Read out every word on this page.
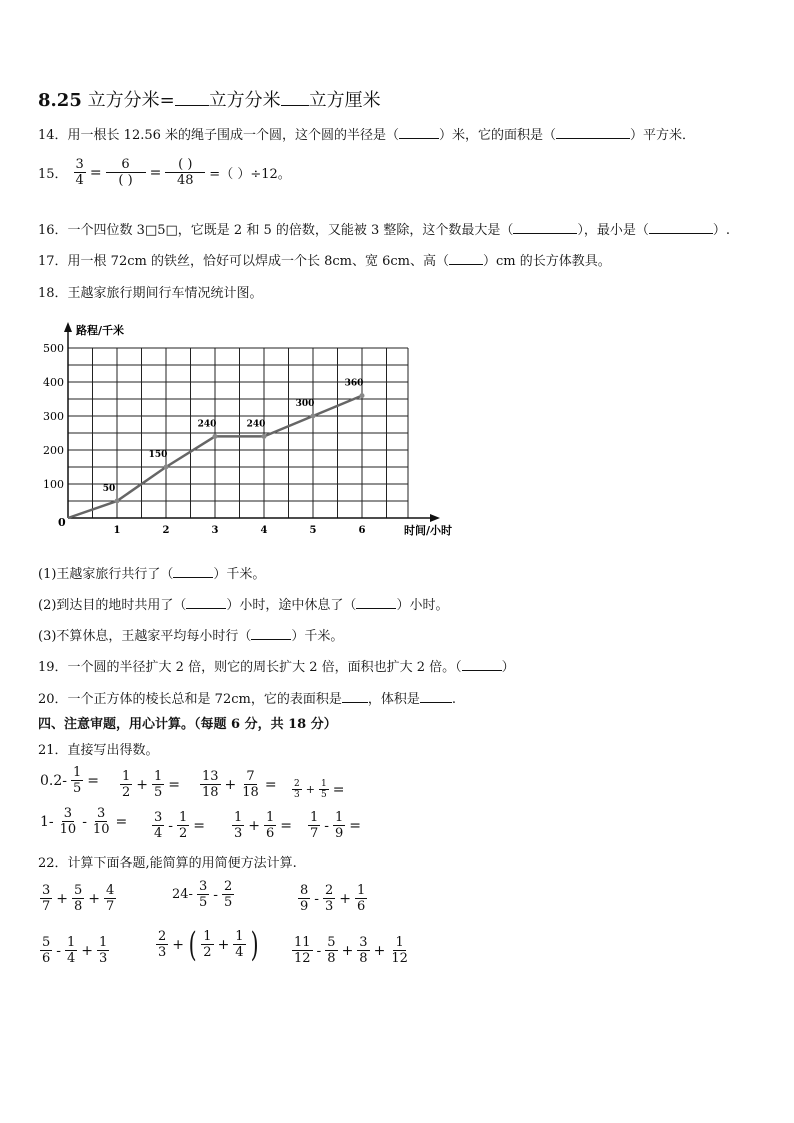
8.25 立方分米= 立方分米 立方厘米
14．用一根长 12.56 米的绳子围成一个圆，这个圆的半径是（	）米，它的面积是（	）平方米．
15． $\frac{3}{4} = \frac{6}{( )} = \frac{( )}{48}$ =（ ）÷12。
16．一个四位数 3□5□，它既是 2 和 5 的倍数，又能被 3 整除，这个数最大是（	），最小是（	）.
17．用一根 72cm 的铁丝，恰好可以焊成一个长 8cm、宽 6cm、高（	）cm 的长方体教具。
18．王越家旅行期间行车情况统计图。
路程/千米
时间/小时
0
100
200
300
400
500
1	2	3	4	5	6
50
150
240	240
300
360
(1)王越家旅行共行了（	）千米。
(2)到达目的地时共用了（	）小时，途中休息了（	）小时。
(3)不算休息，王越家平均每小时行（	）千米。
19．一个圆的半径扩大 2 倍，则它的周长扩大 2 倍，面积也扩大 2 倍。（	）
20．一个正方体的棱长总和是 72cm，它的表面积是 ，体积是 .
四、注意审题，用心计算。（每题 6 分，共 18 分）
21．直接写出得数。
$0.2- \frac{1}{5} = \frac{1}{2} + \frac{1}{5} = \frac{13}{18} + \frac{7}{18} = \frac{2}{3} + \frac{1}{5}$ =
$1- \frac{3}{10} - \frac{3}{10} = \frac{3}{4} - \frac{1}{2} = \frac{1}{3} + \frac{1}{6} = \frac{1}{7} - \frac{1}{9}$ =
22．计算下面各题,能简算的用简便方法计算.
$\frac{3}{7} + \frac{5}{8} + \frac{4}{7}$	$24- \frac{3}{5} - \frac{2}{5}$	$\frac{8}{9} - \frac{2}{3} + \frac{1}{6}$
$\frac{5}{6} - \frac{1}{4} + \frac{1}{3}$	$\frac{2}{3}$ + ( $\frac{1}{2} + \frac{1}{4}$ )	$\frac{11}{12} - \frac{5}{8} + \frac{3}{8} + \frac{1}{12}$
